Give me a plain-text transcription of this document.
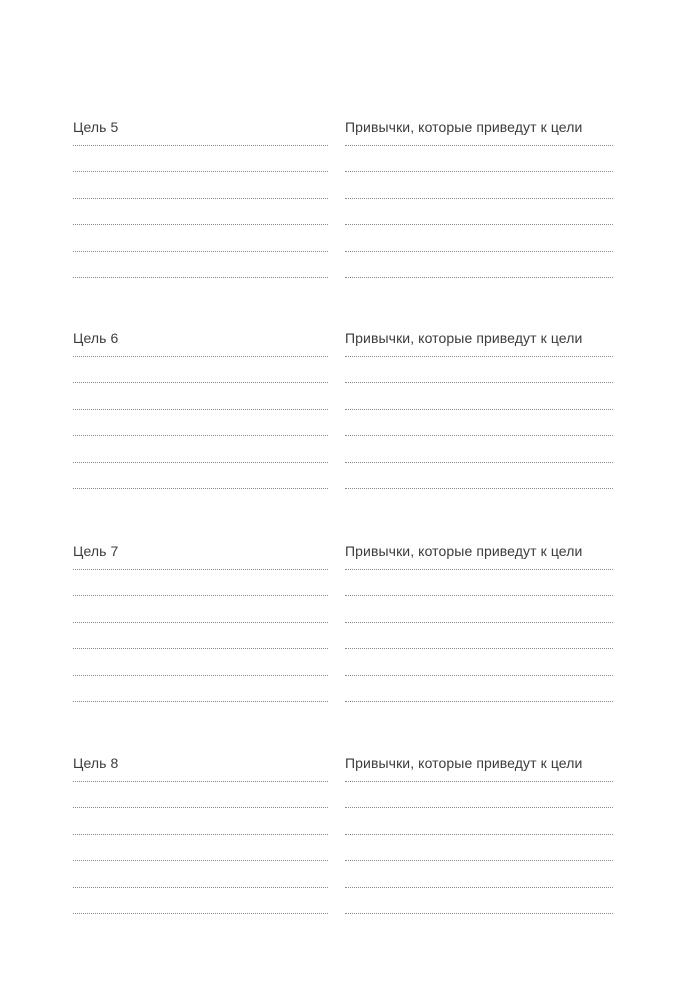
Цель 5	Привычки, которые приведут к цели
Цель 6	Привычки, которые приведут к цели
Цель 7	Привычки, которые приведут к цели
Цель 8	Привычки, которые приведут к цели
